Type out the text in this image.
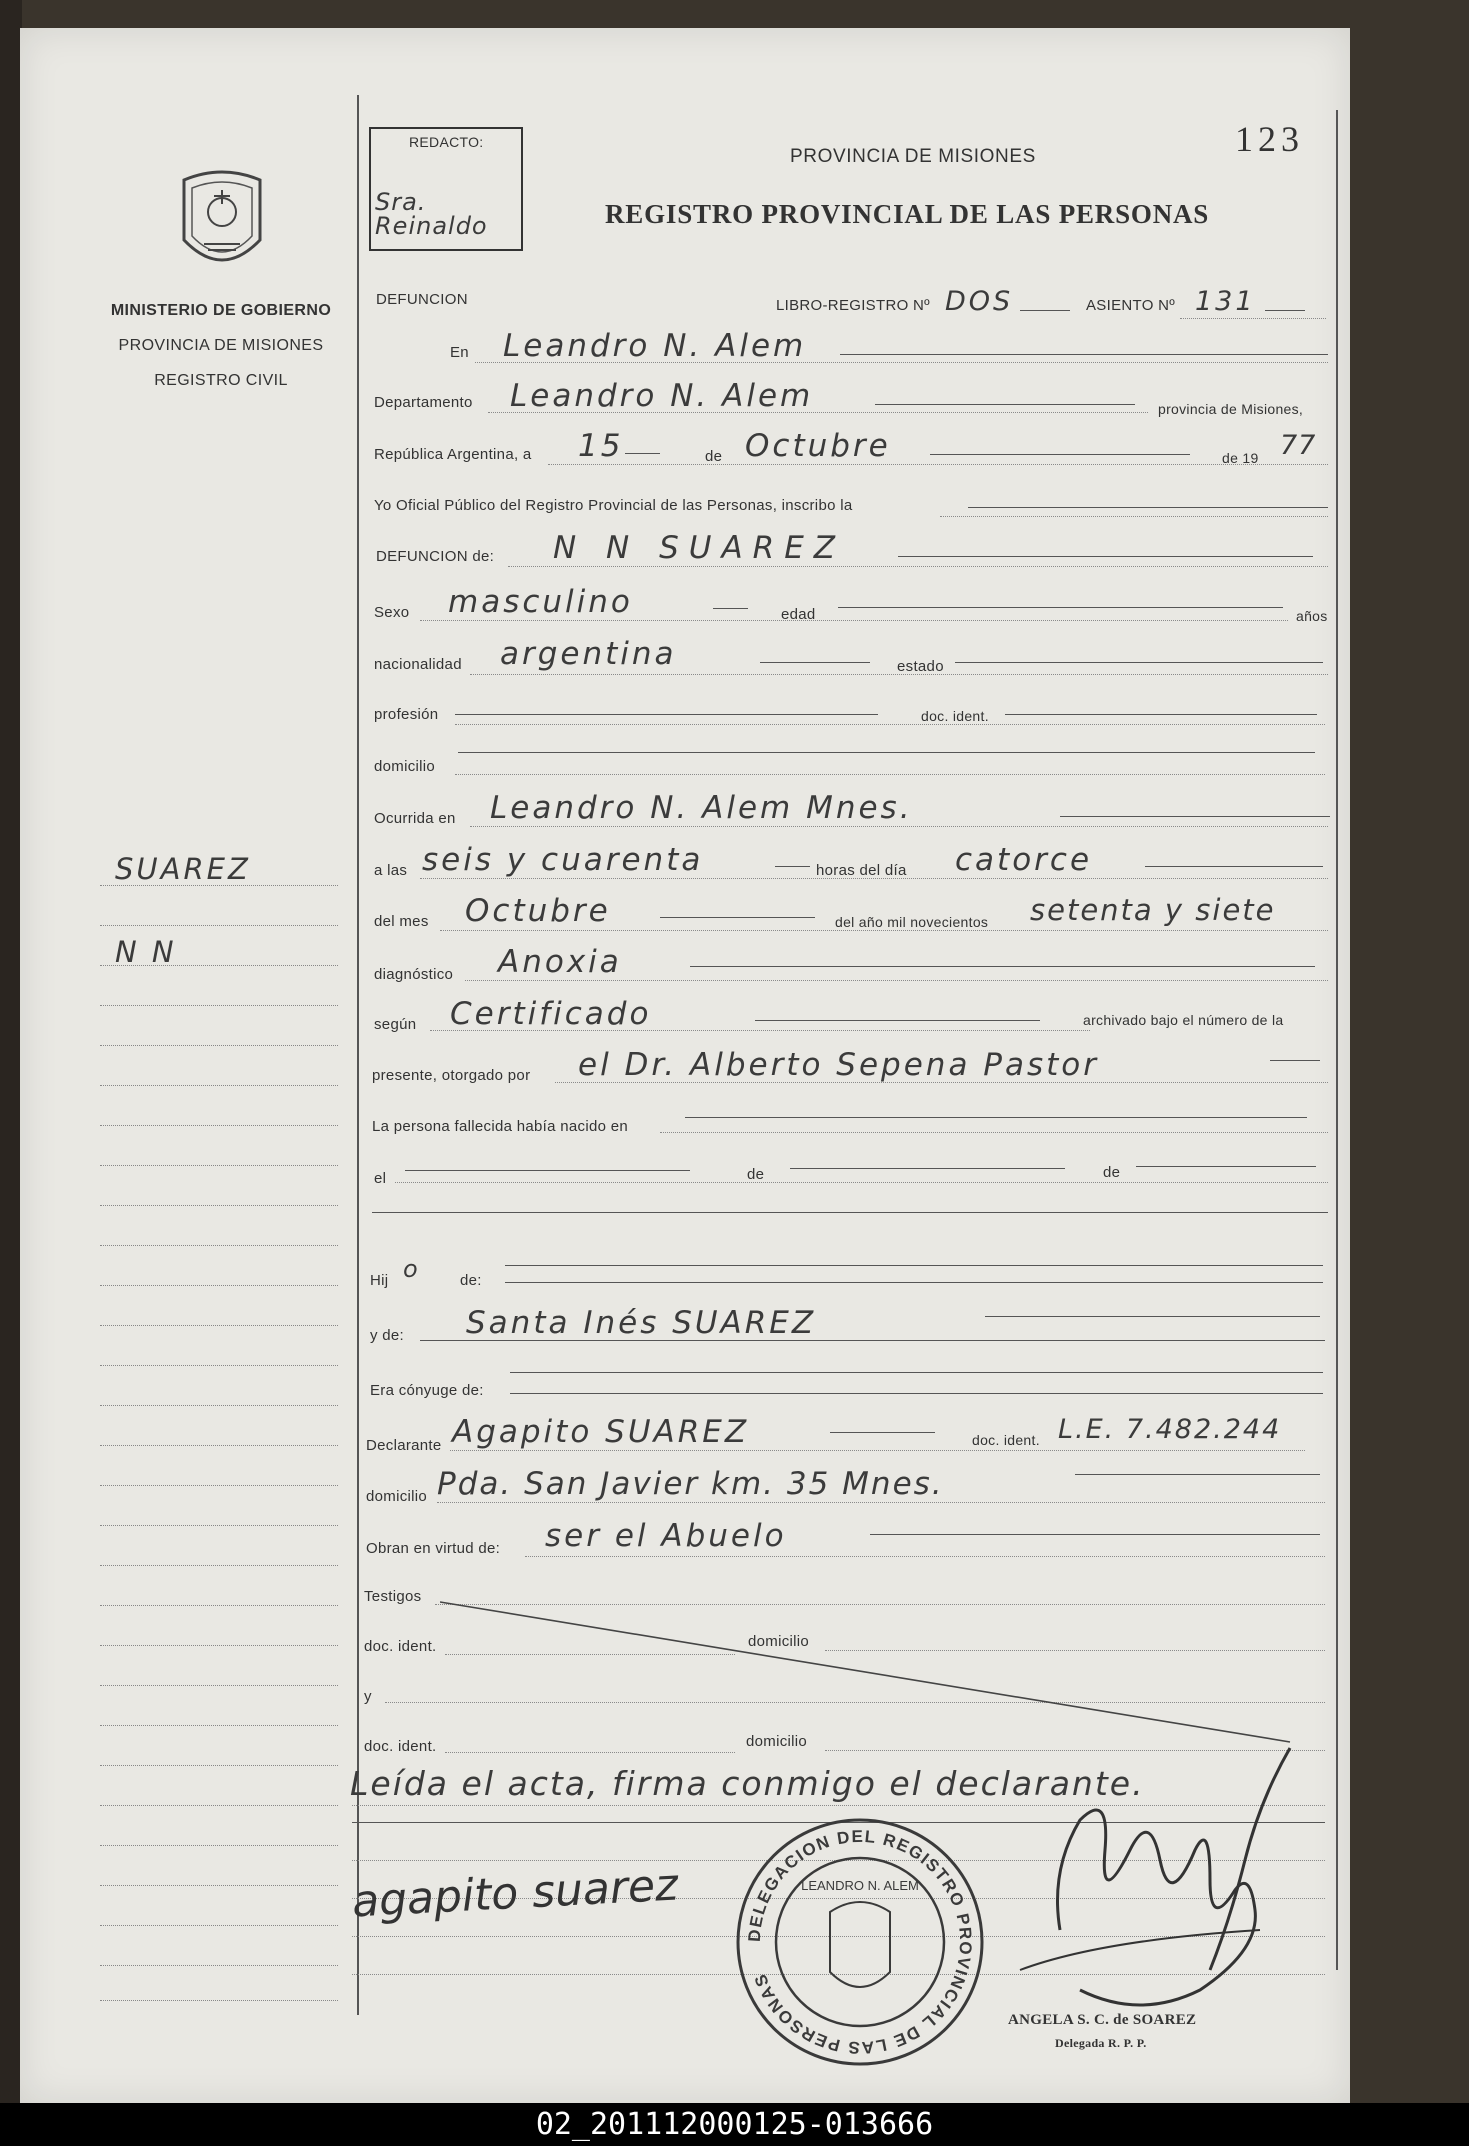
123
REDACTO:
Sra. Reinaldo
PROVINCIA DE MISIONES
REGISTRO PROVINCIAL DE LAS PERSONAS
MINISTERIO DE GOBIERNO
PROVINCIA DE MISIONES
REGISTRO CIVIL
SUAREZ
N N
DEFUNCION	LIBRO-REGISTRO Nº DOS	ASIENTO Nº 131
En Leandro N. Alem
Departamento Leandro N. Alem	provincia de Misiones,
República Argentina, a 15	de Octubre	de 19 77
Yo Oficial Público del Registro Provincial de las Personas, inscribo la
DEFUNCION de: N N SUAREZ
Sexo masculino	edad	años
nacionalidad argentina	estado
profesión	doc. ident.
domicilio
Ocurrida en Leandro N. Alem Mnes.
a las seis y cuarenta	horas del día catorce
del mes Octubre	del año mil novecientos setenta y siete
diagnóstico Anoxia
según Certificado	archivado bajo el número de la
presente, otorgado por el Dr. Alberto Sepena Pastor
La persona fallecida había nacido en
el	de	de
Hij o	de:
y de: Santa Inés SUAREZ
Era cónyuge de:
Declarante Agapito SUAREZ	doc. ident. L.E. 7.482.244
domicilio Pda. San Javier km. 35 Mnes.
Obran en virtud de: ser el Abuelo
Testigos
doc. ident.	domicilio
y
doc. ident.	domicilio
Leída el acta, firma conmigo el declarante.
agapito suarez
DELEGACION DEL REGISTRO PROVINCIAL DE LAS PERSONAS
LEANDRO N. ALEM
ANGELA S. C. de SOAREZ
Delegada R. P. P.
02_201112000125-013666
